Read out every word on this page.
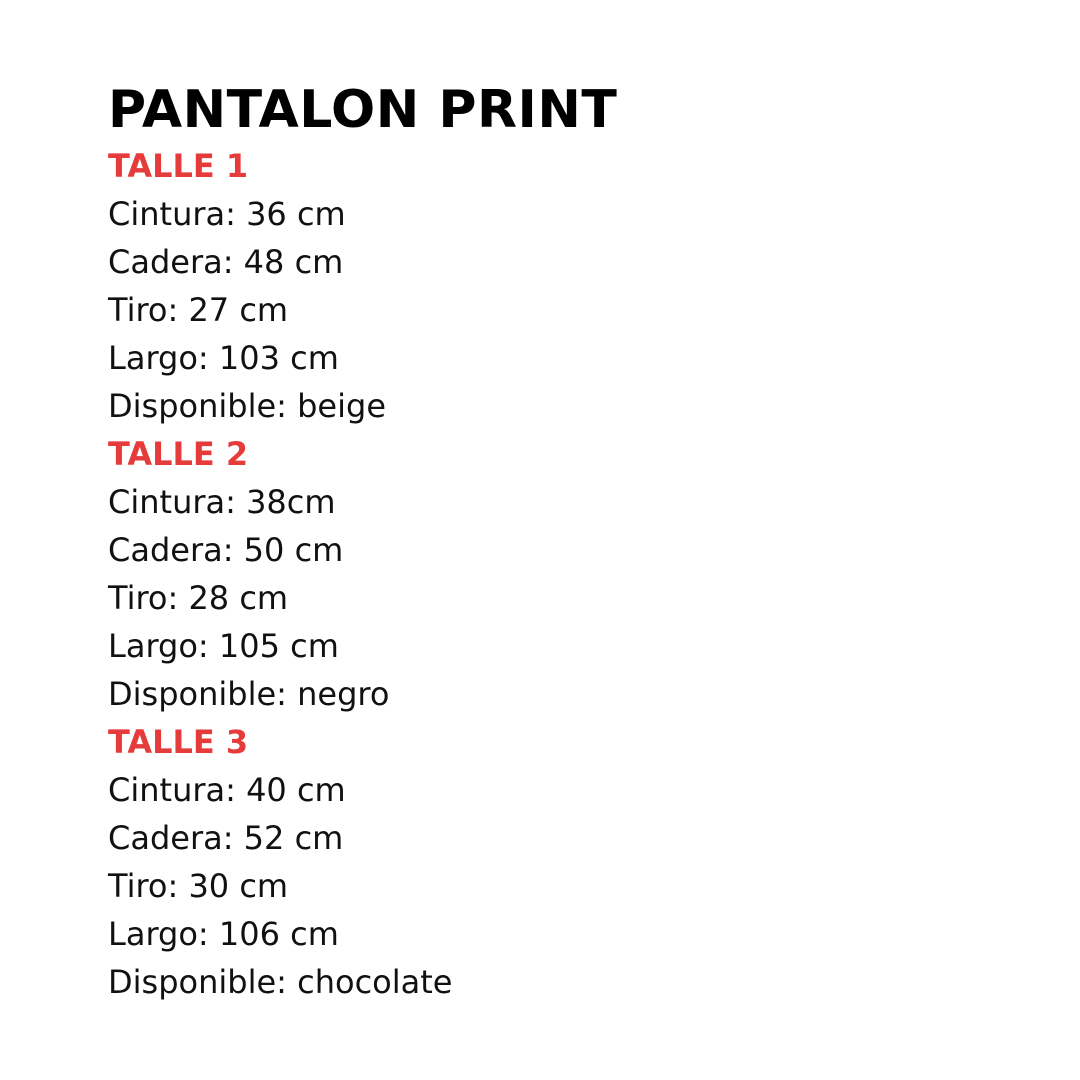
PANTALON PRINT
TALLE 1
Cintura: 36 cm
Cadera: 48 cm
Tiro: 27 cm
Largo: 103 cm
Disponible: beige
TALLE 2
Cintura: 38cm
Cadera: 50 cm
Tiro: 28 cm
Largo: 105 cm
Disponible: negro
TALLE 3
Cintura: 40 cm
Cadera: 52 cm
Tiro: 30 cm
Largo: 106 cm
Disponible: chocolate
